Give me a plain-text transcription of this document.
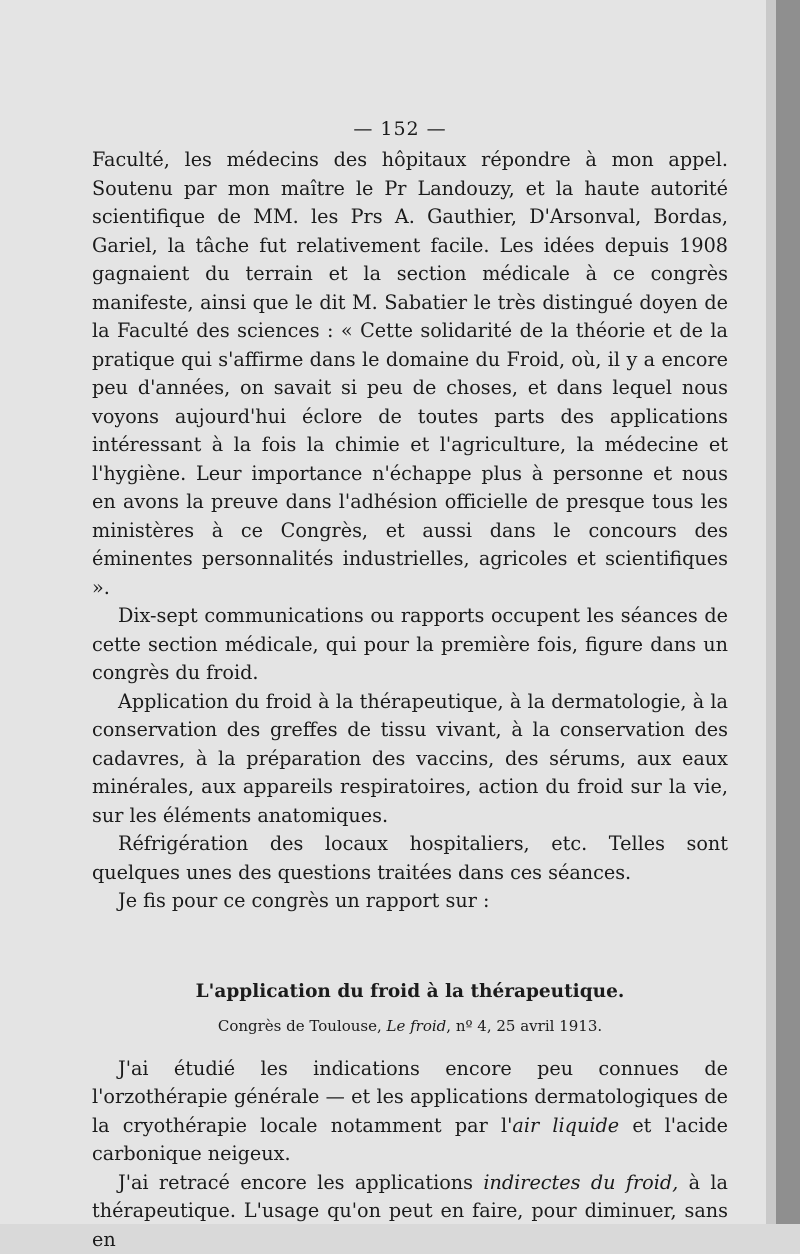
— 152 —

Faculté, les médecins des hôpitaux répondre à mon appel. Soutenu par mon maître le Pr Landouzy, et la haute autorité scientifique de MM. les Prs A. Gauthier, D'Arsonval, Bordas, Gariel, la tâche fut relativement facile. Les idées depuis 1908 gagnaient du terrain et la section médicale à ce congrès manifeste, ainsi que le dit M. Sabatier le très distingué doyen de la Faculté des sciences : « Cette solidarité de la théorie et de la pratique qui s'affirme dans le domaine du Froid, où, il y a encore peu d'années, on savait si peu de choses, et dans lequel nous voyons aujourd'hui éclore de toutes parts des applications intéressant à la fois la chimie et l'agriculture, la médecine et l'hygiène. Leur importance n'échappe plus à personne et nous en avons la preuve dans l'adhésion officielle de presque tous les ministères à ce Congrès, et aussi dans le concours des éminentes personnalités industrielles, agricoles et scientifiques ».

Dix-sept communications ou rapports occupent les séances de cette section médicale, qui pour la première fois, figure dans un congrès du froid.

Application du froid à la thérapeutique, à la dermatologie, à la conservation des greffes de tissu vivant, à la conservation des cadavres, à la préparation des vaccins, des sérums, aux eaux minérales, aux appareils respiratoires, action du froid sur la vie, sur les éléments anatomiques.

Réfrigération des locaux hospitaliers, etc. Telles sont quelques unes des questions traitées dans ces séances.

Je fis pour ce congrès un rapport sur :

L'application du froid à la thérapeutique.

Congrès de Toulouse, Le froid, nº 4, 25 avril 1913.

J'ai étudié les indications encore peu connues de l'orzothérapie générale — et les applications dermatologiques de la cryothérapie locale notamment par l'air liquide et l'acide carbonique neigeux.

J'ai retracé encore les applications indirectes du froid, à la thérapeutique. L'usage qu'on peut en faire, pour diminuer, sans en
